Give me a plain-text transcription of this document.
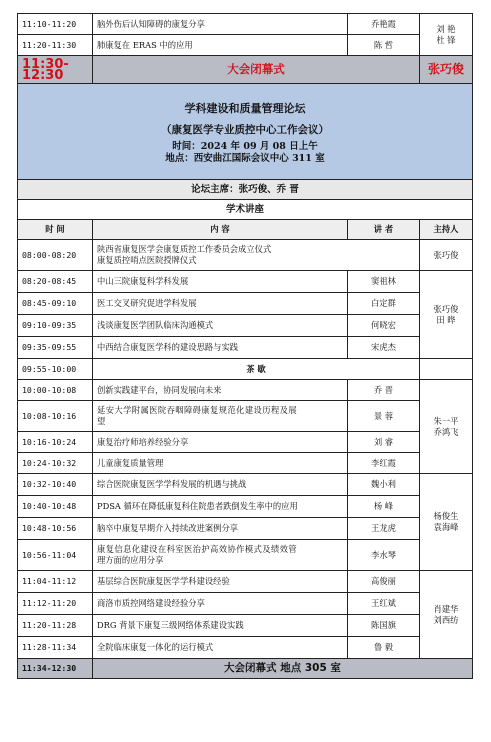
11:10-11:20	脑外伤后认知障碍的康复分享	乔艳霞	刘 艳
杜 锋

11:20-11:30	肺康复在 ERAS 中的应用	陈 哲	
11:30-12:30	大会闭幕式		张巧俊

学科建设和质量管理论坛
（康复医学专业质控中心工作会议）
时间：2024 年 09 月 08 日上午
地点：西安曲江国际会议中心 311 室			

论坛主席：张巧俊、乔 晋			
学术讲座			
时 间	内 容	讲 者	主持人
08:00-08:20	陕西省康复医学会康复质控工作委员会成立仪式
康复质控哨点医院授牌仪式		张巧俊
08:20-08:45	中山三院康复科学科发展	窦祖林	张巧俊
田 晔

08:45-09:10	医工交叉研究促进学科发展	白定群	
09:10-09:35	浅谈康复医学团队临床沟通模式	何晓宏	
09:35-09:55	中西结合康复医学科的建设思路与实践	宋虎杰	
09:55-10:00	茶 歇		
10:00-10:08	创新实践建平台，协同发展向未来	乔 晋	朱一平
乔鸿飞

10:08-10:16	延安大学附属医院吞咽障碍康复规范化建设历程及展
望	景 蓉	
10:16-10:24	康复治疗师培养经验分享	刘 睿	
10:24-10:32	儿童康复质量管理	李红霞	
10:32-10:40	综合医院康复医学学科发展的机遇与挑战	魏小利	杨俊生
袁海峰

10:40-10:48	PDSA 循环在降低康复科住院患者跌倒发生率中的应用	杨 峰	
10:48-10:56	脑卒中康复早期介入持续改进案例分享	王龙虎	
10:56-11:04	康复信息化建设在科室医治护高效协作模式及绩效管
理方面的应用分享	李水琴	
11:04-11:12	基层综合医院康复医学学科建设经验	高俊丽	肖建华
刘西纺

11:12-11:20	商洛市质控网络建设经验分享	王红斌	
11:20-11:28	DRG 背景下康复三级网络体系建设实践	陈国旗	
11:28-11:34	全院临床康复一体化的运行模式	鲁 毅	
11:34-12:30	大会闭幕式 地点 305 室		
